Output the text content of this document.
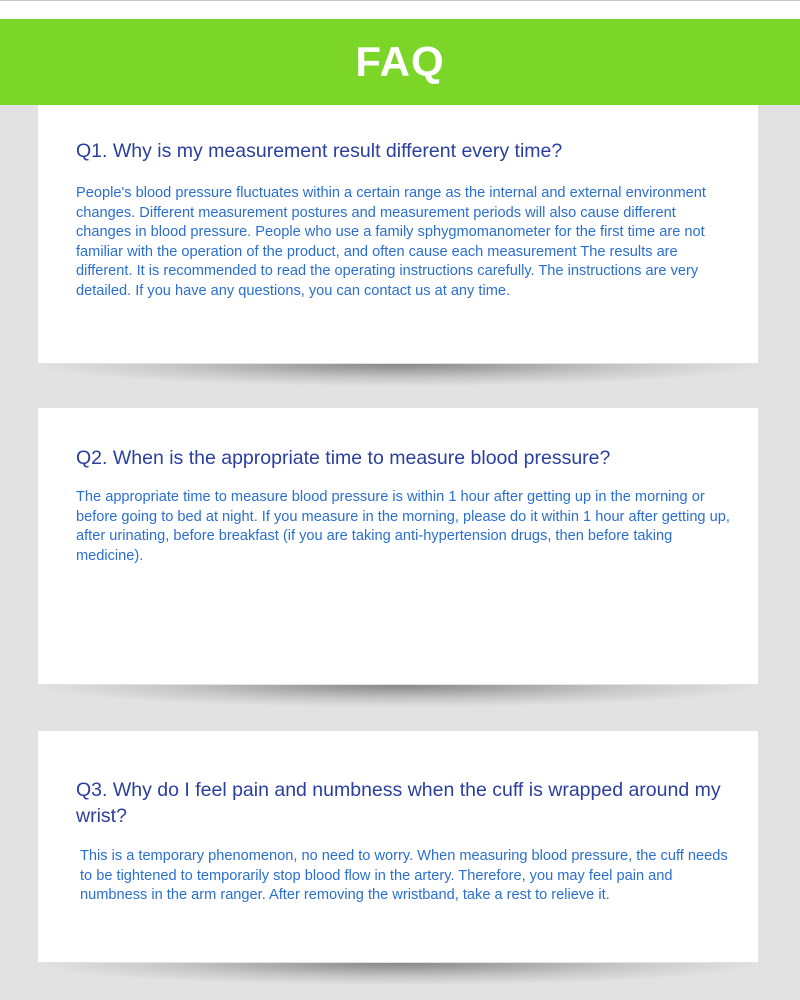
FAQ
Q1. Why is my measurement result different every time?
People's blood pressure fluctuates within a certain range as the internal and external environment changes. Different measurement postures and measurement periods will also cause different changes in blood pressure. People who use a family sphygmomanometer for the first time are not familiar with the operation of the product, and often cause each measurement The results are different. It is recommended to read the operating instructions carefully. The instructions are very detailed. If you have any questions, you can contact us at any time.
Q2. When is the appropriate time to measure blood pressure?
The appropriate time to measure blood pressure is within 1 hour after getting up in the morning or before going to bed at night. If you measure in the morning, please do it within 1 hour after getting up, after urinating, before breakfast (if you are taking anti-hypertension drugs, then before taking medicine).
Q3. Why do I feel pain and numbness when the cuff is wrapped around my wrist?
This is a temporary phenomenon, no need to worry. When measuring blood pressure, the cuff needs to be tightened to temporarily stop blood flow in the artery. Therefore, you may feel pain and numbness in the arm ranger. After removing the wristband, take a rest to relieve it.
